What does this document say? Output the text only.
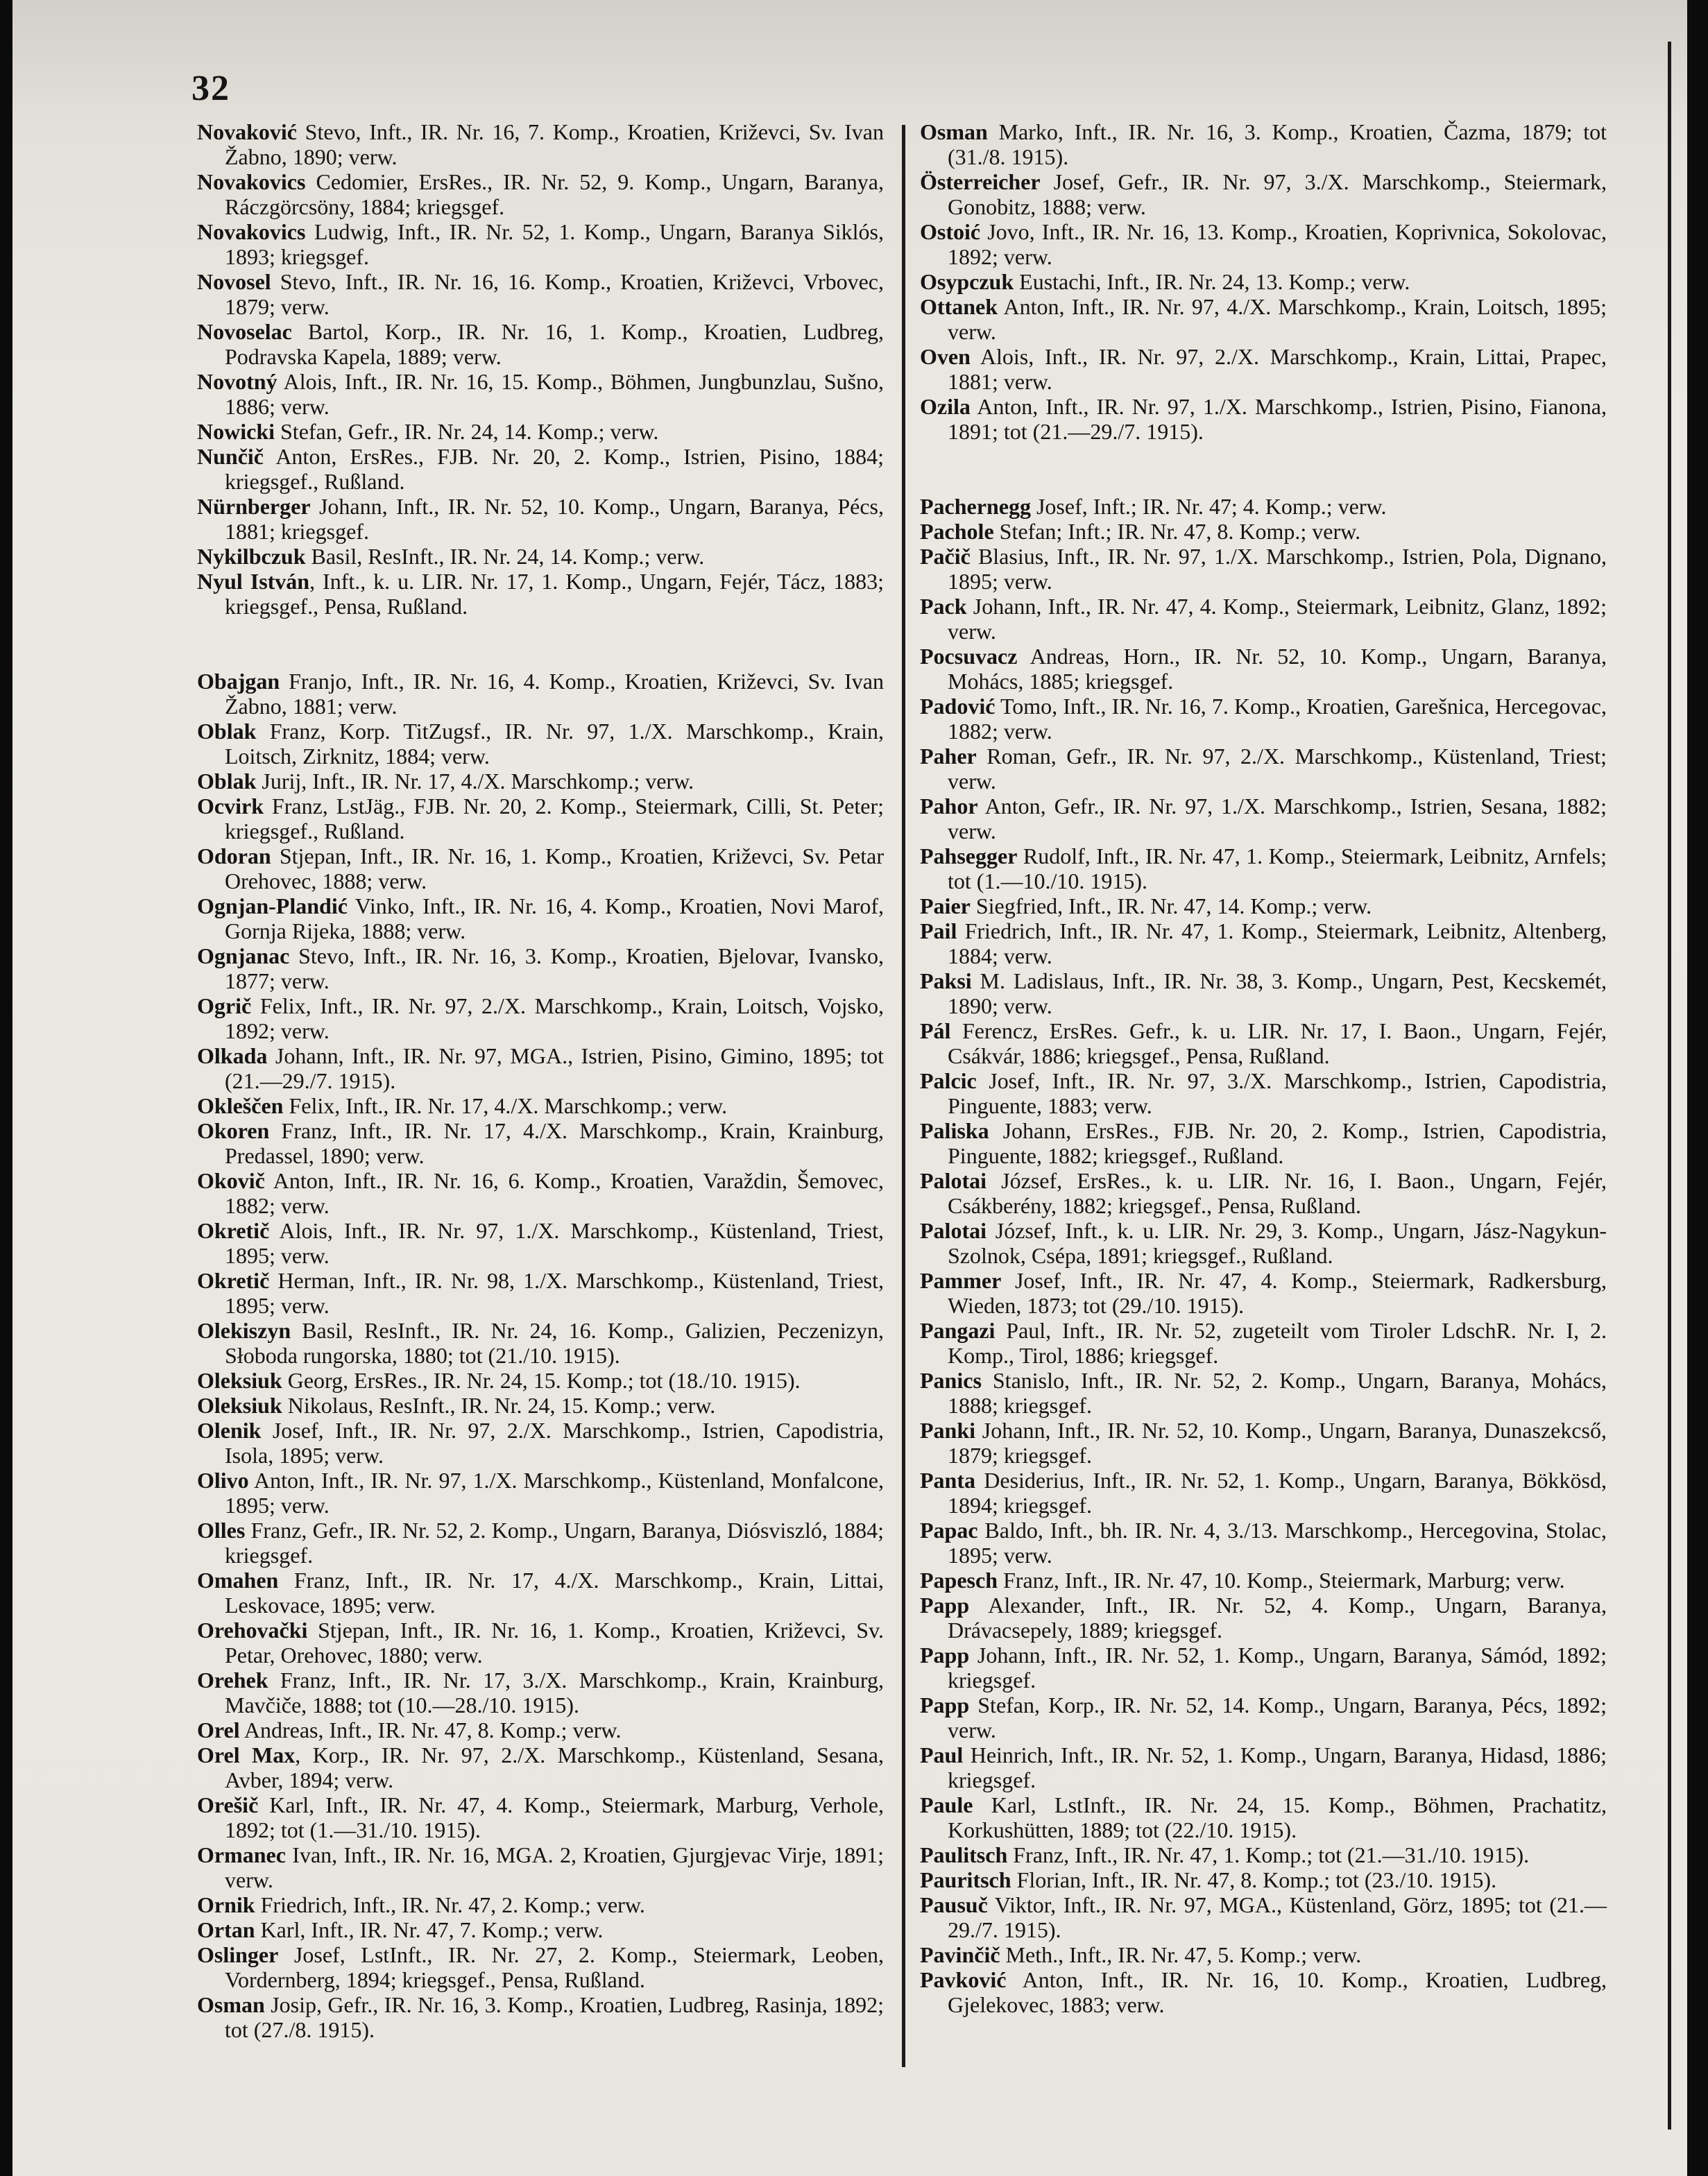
32

Novaković Stevo, Inft., IR. Nr. 16, 7. Komp., Kroatien, Križevci, Sv. Ivan Žabno, 1890; verw.

Novakovics Cedomier, ErsRes., IR. Nr. 52, 9. Komp., Ungarn, Baranya, Ráczgörcsöny, 1884; kriegsgef.

Novakovics Ludwig, Inft., IR. Nr. 52, 1. Komp., Ungarn, Baranya Siklós, 1893; kriegsgef.

Novosel Stevo, Inft., IR. Nr. 16, 16. Komp., Kroatien, Križevci, Vrbovec, 1879; verw.

Novoselac Bartol, Korp., IR. Nr. 16, 1. Komp., Kroatien, Ludbreg, Podravska Kapela, 1889; verw.

Novotný Alois, Inft., IR. Nr. 16, 15. Komp., Böhmen, Jungbunzlau, Sušno, 1886; verw.

Nowicki Stefan, Gefr., IR. Nr. 24, 14. Komp.; verw.

Nunčič Anton, ErsRes., FJB. Nr. 20, 2. Komp., Istrien, Pisino, 1884; kriegsgef., Rußland.

Nürnberger Johann, Inft., IR. Nr. 52, 10. Komp., Ungarn, Baranya, Pécs, 1881; kriegsgef.

Nykilbczuk Basil, ResInft., IR. Nr. 24, 14. Komp.; verw.

Nyul István, Inft., k. u. LIR. Nr. 17, 1. Komp., Ungarn, Fejér, Tácz, 1883; kriegsgef., Pensa, Rußland.

Obajgan Franjo, Inft., IR. Nr. 16, 4. Komp., Kroatien, Križevci, Sv. Ivan Žabno, 1881; verw.

Oblak Franz, Korp. TitZugsf., IR. Nr. 97, 1./X. Marschkomp., Krain, Loitsch, Zirknitz, 1884; verw.

Oblak Jurij, Inft., IR. Nr. 17, 4./X. Marschkomp.; verw.

Ocvirk Franz, LstJäg., FJB. Nr. 20, 2. Komp., Steiermark, Cilli, St. Peter; kriegsgef., Rußland.

Odoran Stjepan, Inft., IR. Nr. 16, 1. Komp., Kroatien, Križevci, Sv. Petar Orehovec, 1888; verw.

Ognjan-Plandić Vinko, Inft., IR. Nr. 16, 4. Komp., Kroatien, Novi Marof, Gornja Rijeka, 1888; verw.

Ognjanac Stevo, Inft., IR. Nr. 16, 3. Komp., Kroatien, Bjelovar, Ivansko, 1877; verw.

Ogrič Felix, Inft., IR. Nr. 97, 2./X. Marschkomp., Krain, Loitsch, Vojsko, 1892; verw.

Olkada Johann, Inft., IR. Nr. 97, MGA., Istrien, Pisino, Gimino, 1895; tot (21.—29./7. 1915).

Okleščen Felix, Inft., IR. Nr. 17, 4./X. Marschkomp.; verw.

Okoren Franz, Inft., IR. Nr. 17, 4./X. Marschkomp., Krain, Krainburg, Predassel, 1890; verw.

Okovič Anton, Inft., IR. Nr. 16, 6. Komp., Kroatien, Varaždin, Šemovec, 1882; verw.

Okretič Alois, Inft., IR. Nr. 97, 1./X. Marschkomp., Küstenland, Triest, 1895; verw.

Okretič Herman, Inft., IR. Nr. 98, 1./X. Marschkomp., Küstenland, Triest, 1895; verw.

Olekiszyn Basil, ResInft., IR. Nr. 24, 16. Komp., Galizien, Peczenizyn, Słoboda rungorska, 1880; tot (21./10. 1915).

Oleksiuk Georg, ErsRes., IR. Nr. 24, 15. Komp.; tot (18./10. 1915).

Oleksiuk Nikolaus, ResInft., IR. Nr. 24, 15. Komp.; verw.

Olenik Josef, Inft., IR. Nr. 97, 2./X. Marschkomp., Istrien, Capodistria, Isola, 1895; verw.

Olivo Anton, Inft., IR. Nr. 97, 1./X. Marschkomp., Küstenland, Monfalcone, 1895; verw.

Olles Franz, Gefr., IR. Nr. 52, 2. Komp., Ungarn, Baranya, Diósviszló, 1884; kriegsgef.

Omahen Franz, Inft., IR. Nr. 17, 4./X. Marschkomp., Krain, Littai, Leskovace, 1895; verw.

Orehovački Stjepan, Inft., IR. Nr. 16, 1. Komp., Kroatien, Križevci, Sv. Petar, Orehovec, 1880; verw.

Orehek Franz, Inft., IR. Nr. 17, 3./X. Marschkomp., Krain, Krainburg, Mavčiče, 1888; tot (10.—28./10. 1915).

Orel Andreas, Inft., IR. Nr. 47, 8. Komp.; verw.

Orel Max, Korp., IR. Nr. 97, 2./X. Marschkomp., Küstenland, Sesana, Avber, 1894; verw.

Orešič Karl, Inft., IR. Nr. 47, 4. Komp., Steiermark, Marburg, Verhole, 1892; tot (1.—31./10. 1915).

Ormanec Ivan, Inft., IR. Nr. 16, MGA. 2, Kroatien, Gjurgjevac Virje, 1891; verw.

Ornik Friedrich, Inft., IR. Nr. 47, 2. Komp.; verw.

Ortan Karl, Inft., IR. Nr. 47, 7. Komp.; verw.

Oslinger Josef, LstInft., IR. Nr. 27, 2. Komp., Steiermark, Leoben, Vordernberg, 1894; kriegsgef., Pensa, Rußland.

Osman Josip, Gefr., IR. Nr. 16, 3. Komp., Kroatien, Ludbreg, Rasinja, 1892; tot (27./8. 1915).

Osman Marko, Inft., IR. Nr. 16, 3. Komp., Kroatien, Čazma, 1879; tot (31./8. 1915).

Österreicher Josef, Gefr., IR. Nr. 97, 3./X. Marschkomp., Steiermark, Gonobitz, 1888; verw.

Ostoić Jovo, Inft., IR. Nr. 16, 13. Komp., Kroatien, Koprivnica, Sokolovac, 1892; verw.

Osypczuk Eustachi, Inft., IR. Nr. 24, 13. Komp.; verw.

Ottanek Anton, Inft., IR. Nr. 97, 4./X. Marschkomp., Krain, Loitsch, 1895; verw.

Oven Alois, Inft., IR. Nr. 97, 2./X. Marschkomp., Krain, Littai, Prapec, 1881; verw.

Ozila Anton, Inft., IR. Nr. 97, 1./X. Marschkomp., Istrien, Pisino, Fianona, 1891; tot (21.—29./7. 1915).

Pachernegg Josef, Inft.; IR. Nr. 47; 4. Komp.; verw.

Pachole Stefan; Inft.; IR. Nr. 47, 8. Komp.; verw.

Pačič Blasius, Inft., IR. Nr. 97, 1./X. Marschkomp., Istrien, Pola, Dignano, 1895; verw.

Pack Johann, Inft., IR. Nr. 47, 4. Komp., Steiermark, Leibnitz, Glanz, 1892; verw.

Pocsuvacz Andreas, Horn., IR. Nr. 52, 10. Komp., Ungarn, Baranya, Mohács, 1885; kriegsgef.

Padović Tomo, Inft., IR. Nr. 16, 7. Komp., Kroatien, Garešnica, Hercegovac, 1882; verw.

Paher Roman, Gefr., IR. Nr. 97, 2./X. Marschkomp., Küstenland, Triest; verw.

Pahor Anton, Gefr., IR. Nr. 97, 1./X. Marschkomp., Istrien, Sesana, 1882; verw.

Pahsegger Rudolf, Inft., IR. Nr. 47, 1. Komp., Steiermark, Leibnitz, Arnfels; tot (1.—10./10. 1915).

Paier Siegfried, Inft., IR. Nr. 47, 14. Komp.; verw.

Pail Friedrich, Inft., IR. Nr. 47, 1. Komp., Steiermark, Leibnitz, Altenberg, 1884; verw.

Paksi M. Ladislaus, Inft., IR. Nr. 38, 3. Komp., Ungarn, Pest, Kecskemét, 1890; verw.

Pál Ferencz, ErsRes. Gefr., k. u. LIR. Nr. 17, I. Baon., Ungarn, Fejér, Csákvár, 1886; kriegsgef., Pensa, Rußland.

Palcic Josef, Inft., IR. Nr. 97, 3./X. Marschkomp., Istrien, Capodistria, Pinguente, 1883; verw.

Paliska Johann, ErsRes., FJB. Nr. 20, 2. Komp., Istrien, Capodistria, Pinguente, 1882; kriegsgef., Rußland.

Palotai József, ErsRes., k. u. LIR. Nr. 16, I. Baon., Ungarn, Fejér, Csákberény, 1882; kriegsgef., Pensa, Rußland.

Palotai József, Inft., k. u. LIR. Nr. 29, 3. Komp., Ungarn, Jász-Nagykun-Szolnok, Csépa, 1891; kriegsgef., Rußland.

Pammer Josef, Inft., IR. Nr. 47, 4. Komp., Steiermark, Radkersburg, Wieden, 1873; tot (29./10. 1915).

Pangazi Paul, Inft., IR. Nr. 52, zugeteilt vom Tiroler LdschR. Nr. I, 2. Komp., Tirol, 1886; kriegsgef.

Panics Stanislo, Inft., IR. Nr. 52, 2. Komp., Ungarn, Baranya, Mohács, 1888; kriegsgef.

Panki Johann, Inft., IR. Nr. 52, 10. Komp., Ungarn, Baranya, Dunaszekcső, 1879; kriegsgef.

Panta Desiderius, Inft., IR. Nr. 52, 1. Komp., Ungarn, Baranya, Bökkösd, 1894; kriegsgef.

Papac Baldo, Inft., bh. IR. Nr. 4, 3./13. Marschkomp., Hercegovina, Stolac, 1895; verw.

Papesch Franz, Inft., IR. Nr. 47, 10. Komp., Steiermark, Marburg; verw.

Papp Alexander, Inft., IR. Nr. 52, 4. Komp., Ungarn, Baranya, Drávacsepely, 1889; kriegsgef.

Papp Johann, Inft., IR. Nr. 52, 1. Komp., Ungarn, Baranya, Sámód, 1892; kriegsgef.

Papp Stefan, Korp., IR. Nr. 52, 14. Komp., Ungarn, Baranya, Pécs, 1892; verw.

Paul Heinrich, Inft., IR. Nr. 52, 1. Komp., Ungarn, Baranya, Hidasd, 1886; kriegsgef.

Paule Karl, LstInft., IR. Nr. 24, 15. Komp., Böhmen, Prachatitz, Korkushütten, 1889; tot (22./10. 1915).

Paulitsch Franz, Inft., IR. Nr. 47, 1. Komp.; tot (21.—31./10. 1915).

Pauritsch Florian, Inft., IR. Nr. 47, 8. Komp.; tot (23./10. 1915).

Pausuč Viktor, Inft., IR. Nr. 97, MGA., Küstenland, Görz, 1895; tot (21.—29./7. 1915).

Pavinčič Meth., Inft., IR. Nr. 47, 5. Komp.; verw.

Pavković Anton, Inft., IR. Nr. 16, 10. Komp., Kroatien, Ludbreg, Gjelekovec, 1883; verw.
